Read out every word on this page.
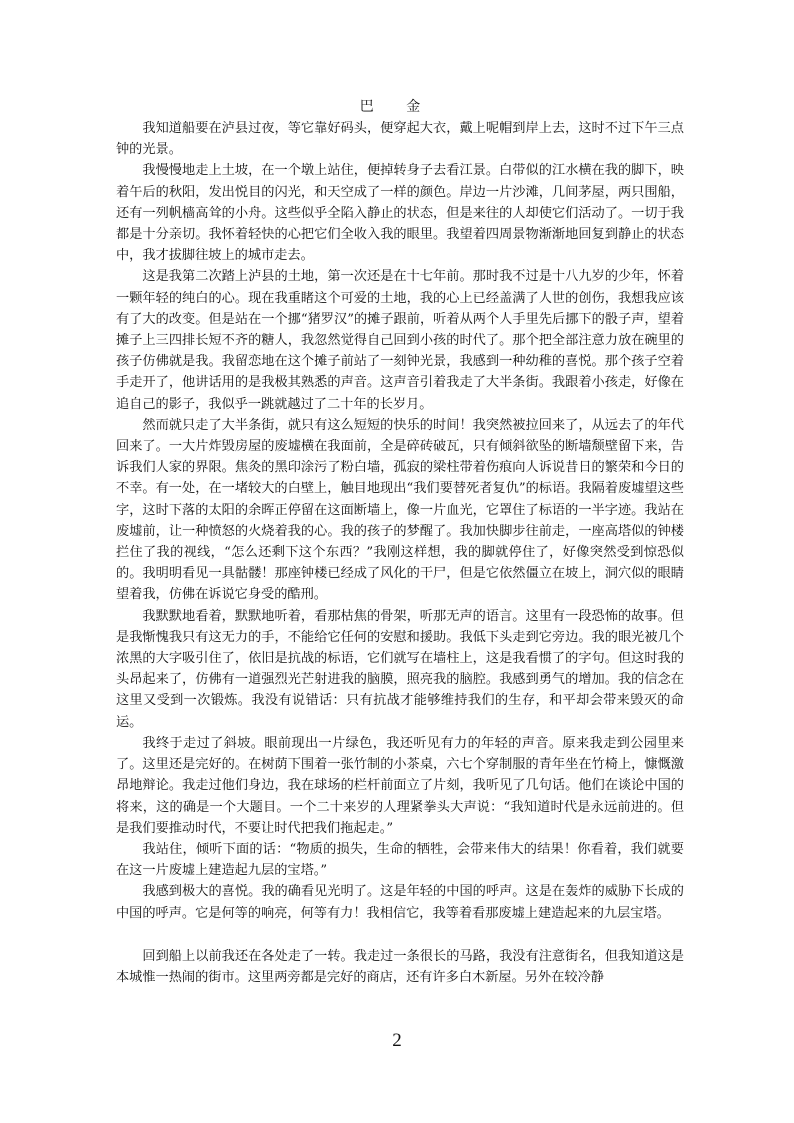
巴 金

我知道船要在泸县过夜，等它靠好码头，便穿起大衣，戴上呢帽到岸上去，这时不过下午三点钟的光景。

我慢慢地走上土坡，在一个墩上站住，便掉转身子去看江景。白带似的江水横在我的脚下，映着午后的秋阳，发出悦目的闪光，和天空成了一样的颜色。岸边一片沙滩，几间茅屋，两只围船，还有一列帆樯高耸的小舟。这些似乎全陷入静止的状态，但是来往的人却使它们活动了。一切于我都是十分亲切。我怀着轻快的心把它们全收入我的眼里。我望着四周景物渐渐地回复到静止的状态中，我才拔脚往坡上的城市走去。

这是我第二次踏上泸县的土地，第一次还是在十七年前。那时我不过是十八九岁的少年，怀着一颗年轻的纯白的心。现在我重睹这个可爱的土地，我的心上已经盖满了人世的创伤，我想我应该有了大的改变。但是站在一个挪“猪罗汉”的摊子跟前，听着从两个人手里先后挪下的骰子声，望着摊子上三四排长短不齐的糖人，我忽然觉得自己回到小孩的时代了。那个把全部注意力放在碗里的孩子仿佛就是我。我留恋地在这个摊子前站了一刻钟光景，我感到一种幼稚的喜悦。那个孩子空着手走开了，他讲话用的是我极其熟悉的声音。这声音引着我走了大半条街。我跟着小孩走，好像在追自己的影子，我似乎一跳就越过了二十年的长岁月。

然而就只走了大半条街，就只有这么短短的快乐的时间！我突然被拉回来了，从远去了的年代回来了。一大片炸毁房屋的废墟横在我面前，全是碎砖破瓦，只有倾斜欲坠的断墙颓壁留下来，告诉我们人家的界限。焦灸的黑印涂污了粉白墙，孤寂的梁柱带着伤痕向人诉说昔日的繁荣和今日的不幸。有一处，在一堵较大的白壁上，触目地现出“我们要替死者复仇”的标语。我隔着废墟望这些字，这时下落的太阳的余晖正停留在这面断墙上，像一片血光，它罩住了标语的一半字迹。我站在废墟前，让一种愤怒的火烧着我的心。我的孩子的梦醒了。我加快脚步往前走，一座高塔似的钟楼拦住了我的视线，“怎么还剩下这个东西？”我刚这样想，我的脚就停住了，好像突然受到惊恐似的。我明明看见一具骷髅！那座钟楼已经成了风化的干尸，但是它依然僵立在坡上，洞穴似的眼睛望着我，仿佛在诉说它身受的酷刑。

我默默地看着，默默地听着，看那枯焦的骨架，听那无声的语言。这里有一段恐怖的故事。但是我惭愧我只有这无力的手，不能给它任何的安慰和援助。我低下头走到它旁边。我的眼光被几个浓黑的大字吸引住了，依旧是抗战的标语，它们就写在墙柱上，这是我看惯了的字句。但这时我的头昂起来了，仿佛有一道强烈光芒射进我的脑膜，照亮我的脑腔。我感到勇气的增加。我的信念在这里又受到一次锻炼。我没有说错话：只有抗战才能够维持我们的生存，和平却会带来毁灭的命运。

我终于走过了斜坡。眼前现出一片绿色，我还听见有力的年轻的声音。原来我走到公园里来了。这里还是完好的。在树荫下围着一张竹制的小茶桌，六七个穿制服的青年坐在竹椅上，慷慨激昂地辩论。我走过他们身边，我在球场的栏杆前面立了片刻，我听见了几句话。他们在谈论中国的将来，这的确是一个大题目。一个二十来岁的人理紧拳头大声说：“我知道时代是永远前进的。但是我们要推动时代，不要让时代把我们拖起走。”

我站住，倾听下面的话：“物质的损失，生命的牺牲，会带来伟大的结果！你看着，我们就要在这一片废墟上建造起九层的宝塔。”

我感到极大的喜悦。我的确看见光明了。这是年轻的中国的呼声。这是在轰炸的威胁下长成的中国的呼声。它是何等的响亮，何等有力！我相信它，我等着看那废墟上建造起来的九层宝塔。

回到船上以前我还在各处走了一转。我走过一条很长的马路，我没有注意街名，但我知道这是本城惟一热闹的街市。这里两旁都是完好的商店，还有许多白木新屋。另外在较冷静

2
